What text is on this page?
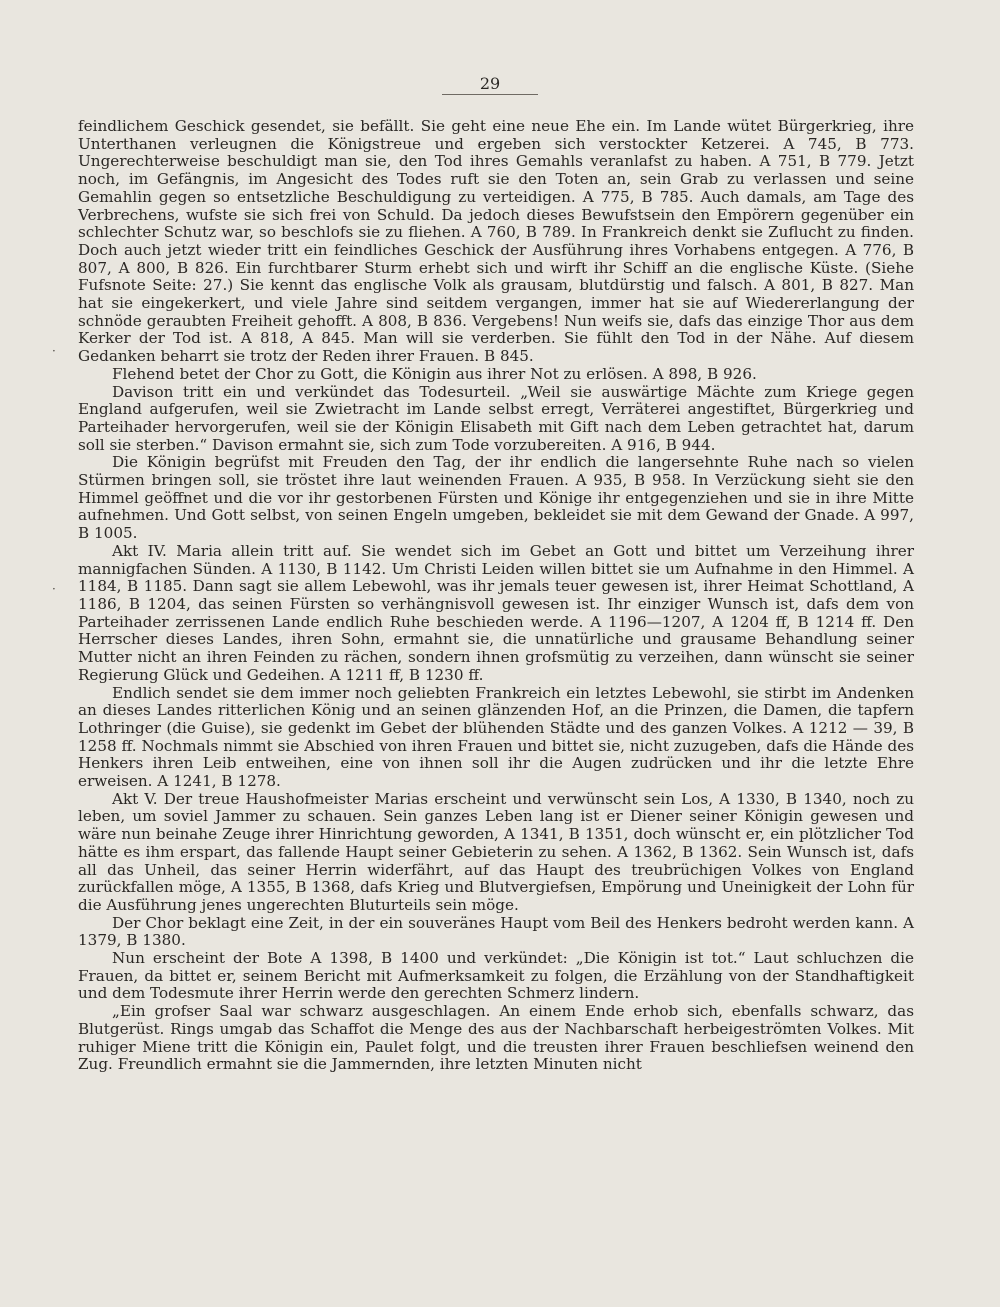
29
·
·

feindlichem Geschick gesendet, sie befällt. Sie geht eine neue Ehe ein. Im Lande wütet Bürgerkrieg, ihre Unterthanen verleugnen die Königstreue und ergeben sich verstockter Ketzerei. A 745, B 773. Ungerechterweise beschuldigt man sie, den Tod ihres Gemahls veranlafst zu haben. A 751, B 779. Jetzt noch, im Gefängnis, im Angesicht des Todes ruft sie den Toten an, sein Grab zu verlassen und seine Gemahlin gegen so entsetzliche Beschuldigung zu verteidigen. A 775, B 785. Auch damals, am Tage des Verbrechens, wufste sie sich frei von Schuld. Da jedoch dieses Bewufstsein den Empörern gegenüber ein schlechter Schutz war, so beschlofs sie zu fliehen. A 760, B 789. In Frankreich denkt sie Zuflucht zu finden. Doch auch jetzt wieder tritt ein feindliches Geschick der Ausführung ihres Vorhabens entgegen. A 776, B 807, A 800, B 826. Ein furchtbarer Sturm erhebt sich und wirft ihr Schiff an die englische Küste. (Siehe Fufsnote Seite: 27.) Sie kennt das englische Volk als grausam, blutdürstig und falsch. A 801, B 827. Man hat sie eingekerkert, und viele Jahre sind seitdem vergangen, immer hat sie auf Wiedererlangung der schnöde geraubten Freiheit gehofft. A 808, B 836. Vergebens! Nun weifs sie, dafs das einzige Thor aus dem Kerker der Tod ist. A 818, A 845. Man will sie verderben. Sie fühlt den Tod in der Nähe. Auf diesem Gedanken beharrt sie trotz der Reden ihrer Frauen. B 845.

Flehend betet der Chor zu Gott, die Königin aus ihrer Not zu erlösen. A 898, B 926.

Davison tritt ein und verkündet das Todesurteil. „Weil sie auswärtige Mächte zum Kriege gegen England aufgerufen, weil sie Zwietracht im Lande selbst erregt, Verräterei angestiftet, Bürgerkrieg und Parteihader hervorgerufen, weil sie der Königin Elisabeth mit Gift nach dem Leben getrachtet hat, darum soll sie sterben.“ Davison ermahnt sie, sich zum Tode vorzubereiten. A 916, B 944.

Die Königin begrüfst mit Freuden den Tag, der ihr endlich die langersehnte Ruhe nach so vielen Stürmen bringen soll, sie tröstet ihre laut weinenden Frauen. A 935, B 958. In Verzückung sieht sie den Himmel geöffnet und die vor ihr gestorbenen Fürsten und Könige ihr entgegenziehen und sie in ihre Mitte aufnehmen. Und Gott selbst, von seinen Engeln umgeben, bekleidet sie mit dem Gewand der Gnade. A 997, B 1005.

Akt IV. Maria allein tritt auf. Sie wendet sich im Gebet an Gott und bittet um Verzeihung ihrer mannigfachen Sünden. A 1130, B 1142. Um Christi Leiden willen bittet sie um Aufnahme in den Himmel. A 1184, B 1185. Dann sagt sie allem Lebewohl, was ihr jemals teuer gewesen ist, ihrer Heimat Schottland, A 1186, B 1204, das seinen Fürsten so verhängnisvoll gewesen ist. Ihr einziger Wunsch ist, dafs dem von Parteihader zerrissenen Lande endlich Ruhe beschieden werde. A 1196—1207, A 1204 ff, B 1214 ff. Den Herrscher dieses Landes, ihren Sohn, ermahnt sie, die unnatürliche und grausame Behandlung seiner Mutter nicht an ihren Feinden zu rächen, sondern ihnen grofsmütig zu verzeihen, dann wünscht sie seiner Regierung Glück und Gedeihen. A 1211 ff, B 1230 ff.

Endlich sendet sie dem immer noch geliebten Frankreich ein letztes Lebewohl, sie stirbt im Andenken an dieses Landes ritterlichen König und an seinen glänzenden Hof, an die Prinzen, die Damen, die tapfern Lothringer (die Guise), sie gedenkt im Gebet der blühenden Städte und des ganzen Volkes. A 1212 — 39, B 1258 ff. Nochmals nimmt sie Abschied von ihren Frauen und bittet sie, nicht zuzugeben, dafs die Hände des Henkers ihren Leib entweihen, eine von ihnen soll ihr die Augen zudrücken und ihr die letzte Ehre erweisen. A 1241, B 1278.

Akt V. Der treue Haushofmeister Marias erscheint und verwünscht sein Los, A 1330, B 1340, noch zu leben, um soviel Jammer zu schauen. Sein ganzes Leben lang ist er Diener seiner Königin gewesen und wäre nun beinahe Zeuge ihrer Hinrichtung geworden, A 1341, B 1351, doch wünscht er, ein plötzlicher Tod hätte es ihm erspart, das fallende Haupt seiner Gebieterin zu sehen. A 1362, B 1362. Sein Wunsch ist, dafs all das Unheil, das seiner Herrin widerfährt, auf das Haupt des treubrüchigen Volkes von England zurückfallen möge, A 1355, B 1368, dafs Krieg und Blutvergiefsen, Empörung und Uneinigkeit der Lohn für die Ausführung jenes ungerechten Bluturteils sein möge.

Der Chor beklagt eine Zeit, in der ein souveränes Haupt vom Beil des Henkers bedroht werden kann. A 1379, B 1380.

Nun erscheint der Bote A 1398, B 1400 und verkündet: „Die Königin ist tot.“ Laut schluchzen die Frauen, da bittet er, seinem Bericht mit Aufmerksamkeit zu folgen, die Erzählung von der Standhaftigkeit und dem Todesmute ihrer Herrin werde den gerechten Schmerz lindern.

„Ein grofser Saal war schwarz ausgeschlagen. An einem Ende erhob sich, ebenfalls schwarz, das Blutgerüst. Rings umgab das Schaffot die Menge des aus der Nachbarschaft herbeigeströmten Volkes. Mit ruhiger Miene tritt die Königin ein, Paulet folgt, und die treusten ihrer Frauen beschliefsen weinend den Zug. Freundlich ermahnt sie die Jammernden, ihre letzten Minuten nicht
